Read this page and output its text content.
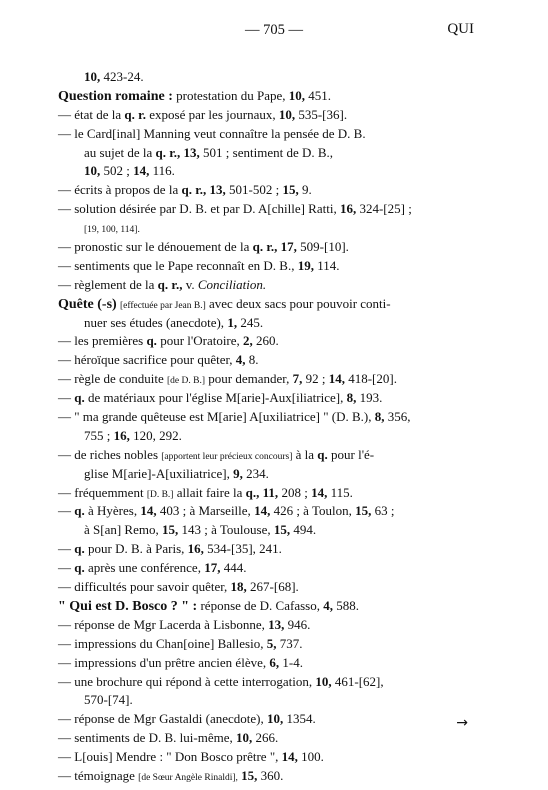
— 705 —	QUI
10, 423-24.
Question romaine : protestation du Pape, 10, 451.
— état de la q. r. exposé par les journaux, 10, 535-[36].
— le Card[inal] Manning veut connaître la pensée de D. B.
au sujet de la q. r., 13, 501 ; sentiment de D. B.,
10, 502 ; 14, 116.
— écrits à propos de la q. r., 13, 501-502 ; 15, 9.
— solution désirée par D. B. et par D. A[chille] Ratti, 16, 324-[25] ;
[19, 100, 114].
— pronostic sur le dénouement de la q. r., 17, 509-[10].
— sentiments que le Pape reconnaît en D. B., 19, 114.
— règlement de la q. r., v. Conciliation.
Quête (-s) [effectuée par Jean B.] avec deux sacs pour pouvoir conti-
nuer ses études (anecdote), 1, 245.
— les premières q. pour l'Oratoire, 2, 260.
— héroïque sacrifice pour quêter, 4, 8.
— règle de conduite [de D. B.] pour demander, 7, 92 ; 14, 418-[20].
— q. de matériaux pour l'église M[arie]-Aux[iliatrice], 8, 193.
— " ma grande quêteuse est M[arie] A[uxiliatrice] " (D. B.), 8, 356,
755 ; 16, 120, 292.
— de riches nobles [apportent leur précieux concours] à la q. pour l'é-
glise M[arie]-A[uxiliatrice], 9, 234.
— fréquemment [D. B.] allait faire la q., 11, 208 ; 14, 115.
— q. à Hyères, 14, 403 ; à Marseille, 14, 426 ; à Toulon, 15, 63 ;
à S[an] Remo, 15, 143 ; à Toulouse, 15, 494.
— q. pour D. B. à Paris, 16, 534-[35], 241.
— q. après une conférence, 17, 444.
— difficultés pour savoir quêter, 18, 267-[68].
" Qui est D. Bosco ? " : réponse de D. Cafasso, 4, 588.
— réponse de Mgr Lacerda à Lisbonne, 13, 946.
— impressions du Chan[oine] Ballesio, 5, 737.
— impressions d'un prêtre ancien élève, 6, 1-4.
— une brochure qui répond à cette interrogation, 10, 461-[62],
570-[74].
— réponse de Mgr Gastaldi (anecdote), 10, 1354.
— sentiments de D. B. lui-même, 10, 266.
— L[ouis] Mendre : " Don Bosco prêtre ", 14, 100.
— témoignage [de Sœur Angèle Rinaldi], 15, 360.
→
